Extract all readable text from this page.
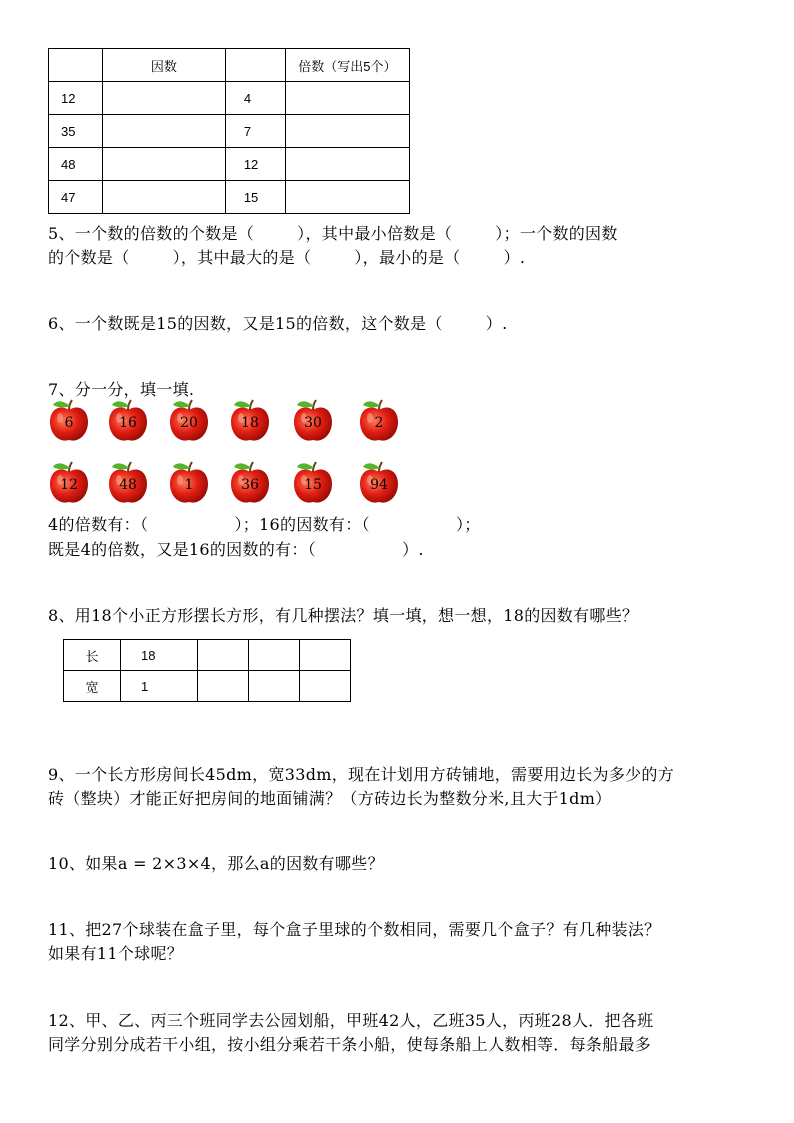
	因数		倍数（写出5个）
12		4	
35		7	
48		12	
47		15	
5、一个数的倍数的个数是（        ），其中最小倍数是（        ）；一个数的因数
的个数是（        ），其中最大的是（        ），最小的是（        ）.
6、一个数既是15的因数，又是15的倍数，这个数是（        ）.
7、分一分，填一填.
6	16	20	18	30	2
12	48	1	36	15	94
4的倍数有：（                ）；16的因数有：（                ）；
既是4的倍数，又是16的因数的有：（                ）.
8、用18个小正方形摆长方形，有几种摆法？填一填，想一想，18的因数有哪些？
长	18			
宽	1			
9、一个长方形房间长45dm，宽33dm，现在计划用方砖铺地，需要用边长为多少的方
砖（整块）才能正好把房间的地面铺满？（方砖边长为整数分米,且大于1dm）
10、如果a = 2×3×4，那么a的因数有哪些？
11、把27个球装在盒子里，每个盒子里球的个数相同，需要几个盒子？有几种装法？
如果有11个球呢？
12、甲、乙、丙三个班同学去公园划船，甲班42人，乙班35人，丙班28人．把各班
同学分别分成若干小组，按小组分乘若干条小船，使每条船上人数相等．每条船最多
